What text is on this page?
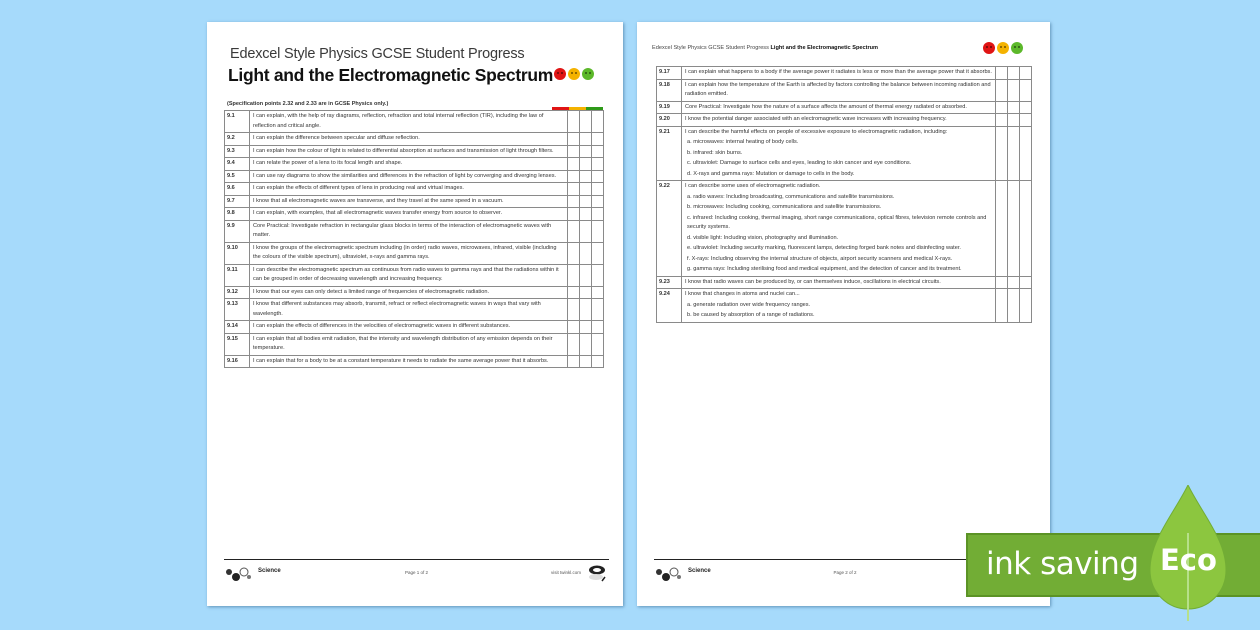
Edexcel Style Physics GCSE Student Progress
Light and the Electromagnetic Spectrum
(Specification points 2.32 and 2.33 are in GCSE Physics only.)
9.1	I can explain, with the help of ray diagrams, reflection, refraction and total internal reflection (TIR), including the law of reflection and critical angle.			

9.2	I can explain the difference between specular and diffuse reflection.			

9.3	I can explain how the colour of light is related to differential absorption at surfaces and transmission of light through filters.			

9.4	I can relate the power of a lens to its focal length and shape.			

9.5	I can use ray diagrams to show the similarities and differences in the refraction of light by converging and diverging lenses.			

9.6	I can explain the effects of different types of lens in producing real and virtual images.			

9.7	I know that all electromagnetic waves are transverse, and they travel at the same speed in a vacuum.			

9.8	I can explain, with examples, that all electromagnetic waves transfer energy from source to observer.			

9.9	Core Practical: Investigate refraction in rectangular glass blocks in terms of the interaction of electromagnetic waves with matter.			

9.10	I know the groups of the electromagnetic spectrum including (in order) radio waves, microwaves, infrared, visible (including the colours of the visible spectrum), ultraviolet, x-rays and gamma rays.			

9.11	I can describe the electromagnetic spectrum as continuous from radio waves to gamma rays and that the radiations within it can be grouped in order of decreasing wavelength and increasing frequency.			

9.12	I know that our eyes can only detect a limited range of frequencies of electromagnetic radiation.			

9.13	I know that different substances may absorb, transmit, refract or reflect electromagnetic waves in ways that vary with wavelength.			

9.14	I can explain the effects of differences in the velocities of electromagnetic waves in different substances.			

9.15	I can explain that all bodies emit radiation, that the intensity and wavelength distribution of any emission depends on their temperature.			

9.16	I can explain that for a body to be at a constant temperature it needs to radiate the same average power that it absorbs.			

Science	Page 1 of 2	visit twinkl.com
Edexcel Style Physics GCSE Student Progress Light and the Electromagnetic Spectrum
9.17	I can explain what happens to a body if the average power it radiates is less or more than the average power that it absorbs.			

9.18	I can explain how the temperature of the Earth is affected by factors controlling the balance between incoming radiation and radiation emitted.			

9.19	Core Practical: Investigate how the nature of a surface affects the amount of thermal energy radiated or absorbed.			

9.20	I know the potential danger associated with an electromagnetic wave increases with increasing frequency.			

9.21	I can describe the harmful effects on people of excessive exposure to electromagnetic radiation, including:
a. microwaves: internal heating of body cells.
b. infrared: skin burns.
c. ultraviolet: Damage to surface cells and eyes, leading to skin cancer and eye conditions.
d. X-rays and gamma rays: Mutation or damage to cells in the body.			

9.22	I can describe some uses of electromagnetic radiation.
a. radio waves: Including broadcasting, communications and satellite transmissions.
b. microwaves: Including cooking, communications and satellite transmissions.
c. infrared: Including cooking, thermal imaging, short range communications, optical fibres, television remote controls and security systems.
d. visible light: Including vision, photography and illumination.
e. ultraviolet: Including security marking, fluorescent lamps, detecting forged bank notes and disinfecting water.
f. X-rays: Including observing the internal structure of objects, airport security scanners and medical X-rays.
g. gamma rays: Including sterilising food and medical equipment, and the detection of cancer and its treatment.

9.23	I know that radio waves can be produced by, or can themselves induce, oscillations in electrical circuits.			

9.24	I know that changes in atoms and nuclei can...
a. generate radiation over wide frequency ranges.
b. be caused by absorption of a range of radiations.			

Science	Page 2 of 2	ink saving Eco
